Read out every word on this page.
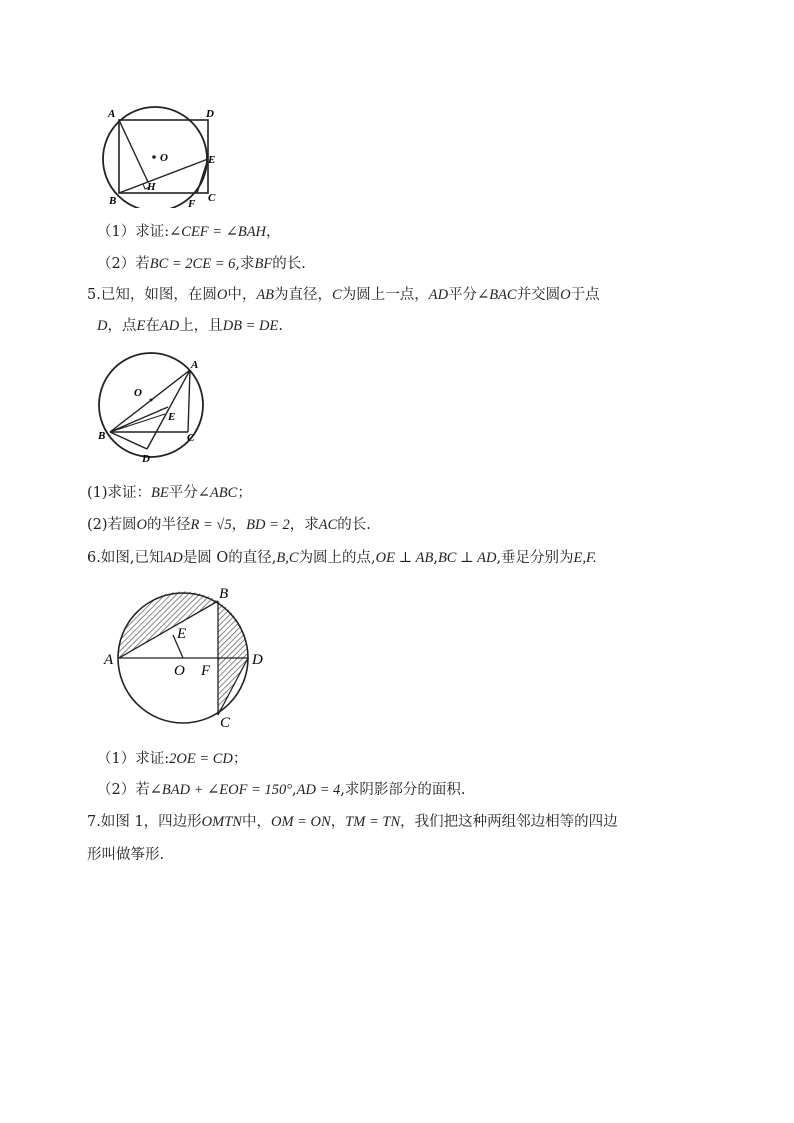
A	D
O	E
H
B	F C
（1）求证:∠CEF = ∠BAH，
（2）若BC = 2CE = 6,求BF的长.
5.已知，如图，在圆O中，AB为直径，C为圆上一点，AD平分∠BAC并交圆O于点
D，点E在AD上，且DB = DE.
A
O
E
B	C
D
(1)求证：BE平分∠ABC；
(2)若圆O的半径R = √5，BD = 2，求AC的长.
6.如图,已知AD是圆 O的直径,B,C为圆上的点,OE ⊥ AB,BC ⊥ AD,垂足分别为E,F.
B
E
A
O F
D
C
（1）求证:2OE = CD；
（2）若∠BAD + ∠EOF = 150°,AD = 4,求阴影部分的面积.
7.如图 1，四边形OMTN中，OM = ON，TM = TN，我们把这种两组邻边相等的四边
形叫做筝形.
